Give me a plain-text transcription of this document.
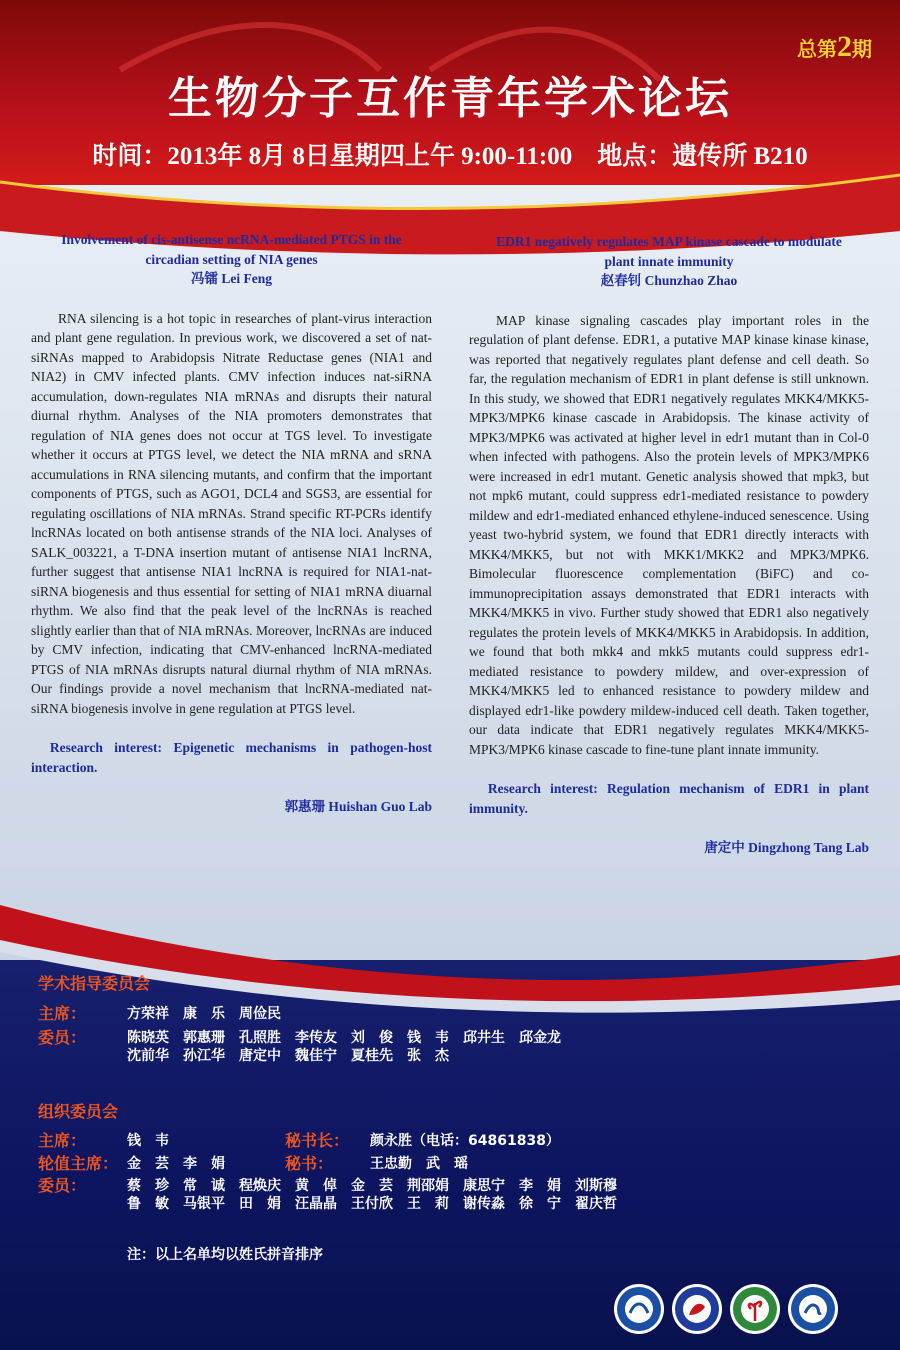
总第2期
生物分子互作青年学术论坛
时间：2013年 8月 8日星期四上午 9:00-11:00　地点：遗传所 B210
Involvement of cis-antisense ncRNA-mediated PTGS in the
circadian setting of NIA genes
冯镭 Lei Feng
RNA silencing is a hot topic in researches of plant-virus interaction and plant gene regulation. In previous work, we discovered a set of nat-siRNAs mapped to Arabidopsis Nitrate Reductase genes (NIA1 and NIA2) in CMV infected plants. CMV infection induces nat-siRNA accumulation, down-regulates NIA mRNAs and disrupts their natural diurnal rhythm. Analyses of the NIA promoters demonstrates that regulation of NIA genes does not occur at TGS level. To investigate whether it occurs at PTGS level, we detect the NIA mRNA and sRNA accumulations in RNA silencing mutants, and confirm that the important components of PTGS, such as AGO1, DCL4 and SGS3, are essential for regulating oscillations of NIA mRNAs. Strand specific RT-PCRs identify lncRNAs located on both antisense strands of the NIA loci. Analyses of SALK_003221, a T-DNA insertion mutant of antisense NIA1 lncRNA, further suggest that antisense NIA1 lncRNA is required for NIA1-nat-siRNA biogenesis and thus essential for setting of NIA1 mRNA diuarnal rhythm. We also find that the peak level of the lncRNAs is reached slightly earlier than that of NIA mRNAs. Moreover, lncRNAs are induced by CMV infection, indicating that CMV-enhanced lncRNA-mediated PTGS of NIA mRNAs disrupts natural diurnal rhythm of NIA mRNAs. Our findings provide a novel mechanism that lncRNA-mediated nat-siRNA biogenesis involve in gene regulation at PTGS level.
Research interest: Epigenetic mechanisms in pathogen-host interaction.
郭惠珊 Huishan Guo Lab
EDR1 negatively regulates MAP kinase cascade to modulate
plant innate immunity
赵春钊 Chunzhao Zhao
MAP kinase signaling cascades play important roles in the regulation of plant defense. EDR1, a putative MAP kinase kinase kinase, was reported that negatively regulates plant defense and cell death. So far, the regulation mechanism of EDR1 in plant defense is still unknown. In this study, we showed that EDR1 negatively regulates MKK4/MKK5-MPK3/MPK6 kinase cascade in Arabidopsis. The kinase activity of MPK3/MPK6 was activated at higher level in edr1 mutant than in Col-0 when infected with pathogens. Also the protein levels of MPK3/MPK6 were increased in edr1 mutant. Genetic analysis showed that mpk3, but not mpk6 mutant, could suppress edr1-mediated resistance to powdery mildew and edr1-mediated enhanced ethylene-induced senescence. Using yeast two-hybrid system, we found that EDR1 directly interacts with MKK4/MKK5, but not with MKK1/MKK2 and MPK3/MPK6. Bimolecular fluorescence complementation (BiFC) and co-immunoprecipitation assays demonstrated that EDR1 interacts with MKK4/MKK5 in vivo. Further study showed that EDR1 also negatively regulates the protein levels of MKK4/MKK5 in Arabidopsis. In addition, we found that both mkk4 and mkk5 mutants could suppress edr1-mediated resistance to powdery mildew, and over-expression of MKK4/MKK5 led to enhanced resistance to powdery mildew and displayed edr1-like powdery mildew-induced cell death. Taken together, our data indicate that EDR1 negatively regulates MKK4/MKK5-MPK3/MPK6 kinase cascade to fine-tune plant innate immunity.
Research interest: Regulation mechanism of EDR1 in plant immunity.
唐定中 Dingzhong Tang Lab
学术指导委员会
主席：	方荣祥　康　乐　周俭民
委员：	陈晓英　郭惠珊　孔照胜　李传友　刘　俊　钱　韦　邱井生　邱金龙
沈前华　孙江华　唐定中　魏佳宁　夏桂先　张　杰
组织委员会
主席：	钱　韦	秘书长： 颜永胜（电话：64861838）
轮值主席： 金　芸　李　娟	秘书：	王忠勤　武　瑶
委员：	蔡　珍　常　诚　程焕庆　黄　倬　金　芸　荆邵娟　康思宁　李　娟　刘斯穆
鲁　敏　马银平　田　娟　汪晶晶　王付欣　王　莉　谢传淼　徐　宁　翟庆哲
注：以上名单均以姓氏拼音排序
